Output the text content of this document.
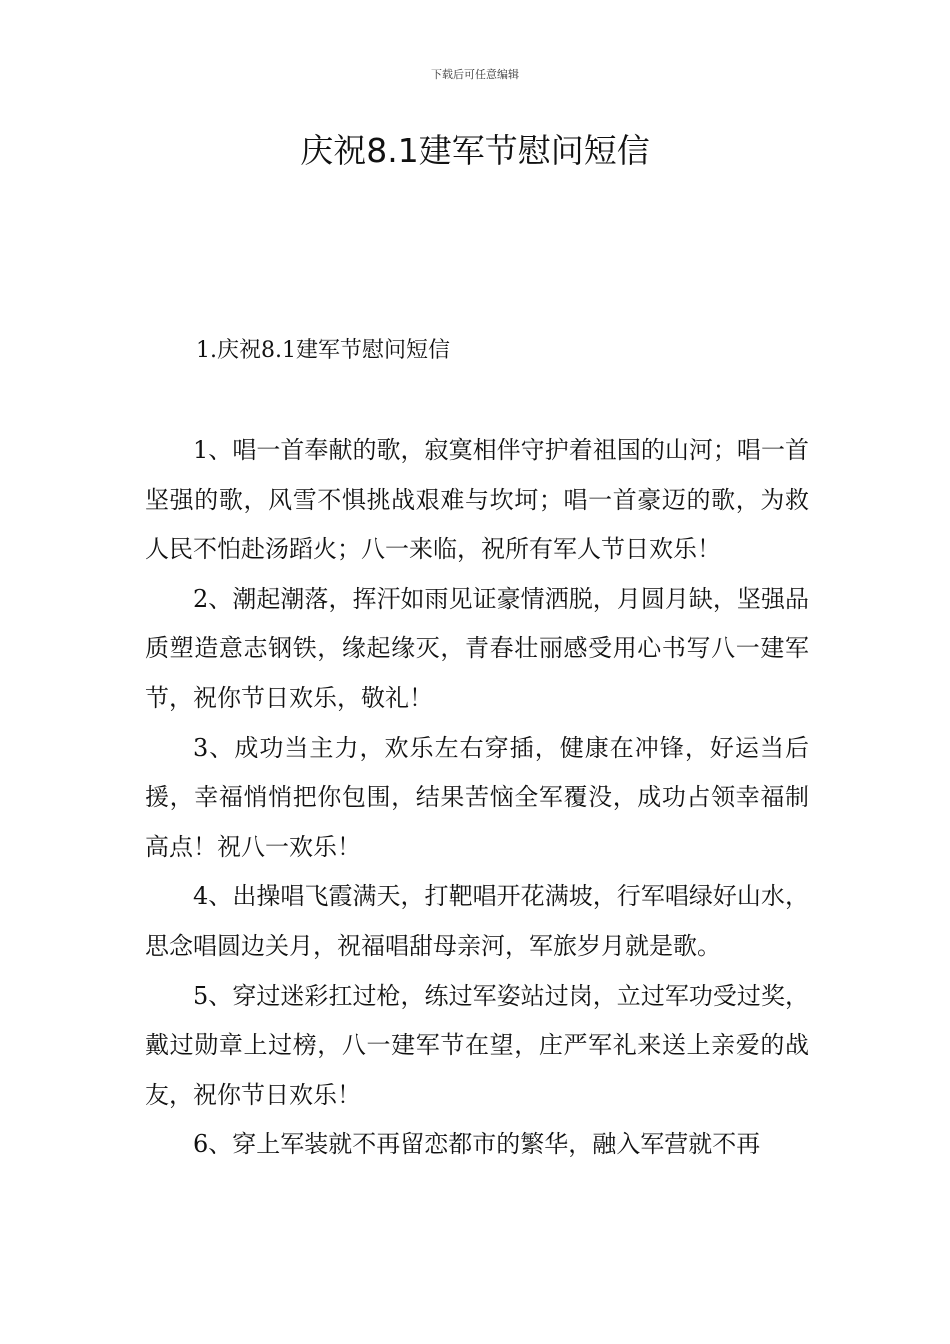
下载后可任意编辑
庆祝8.1建军节慰问短信
1.庆祝8.1建军节慰问短信

1、唱一首奉献的歌，寂寞相伴守护着祖国的山河；唱一首坚强的歌，风雪不惧挑战艰难与坎坷；唱一首豪迈的歌，为救人民不怕赴汤蹈火；八一来临，祝所有军人节日欢乐！

2、潮起潮落，挥汗如雨见证豪情洒脱，月圆月缺，坚强品质塑造意志钢铁，缘起缘灭，青春壮丽感受用心书写八一建军节，祝你节日欢乐，敬礼！

3、成功当主力，欢乐左右穿插，健康在冲锋，好运当后援，幸福悄悄把你包围，结果苦恼全军覆没，成功占领幸福制高点！祝八一欢乐！

4、出操唱飞霞满天，打靶唱开花满坡，行军唱绿好山水，思念唱圆边关月，祝福唱甜母亲河，军旅岁月就是歌。

5、穿过迷彩扛过枪，练过军姿站过岗，立过军功受过奖，戴过勋章上过榜，八一建军节在望，庄严军礼来送上亲爱的战友，祝你节日欢乐！

6、穿上军装就不再留恋都市的繁华，融入军营就不再
